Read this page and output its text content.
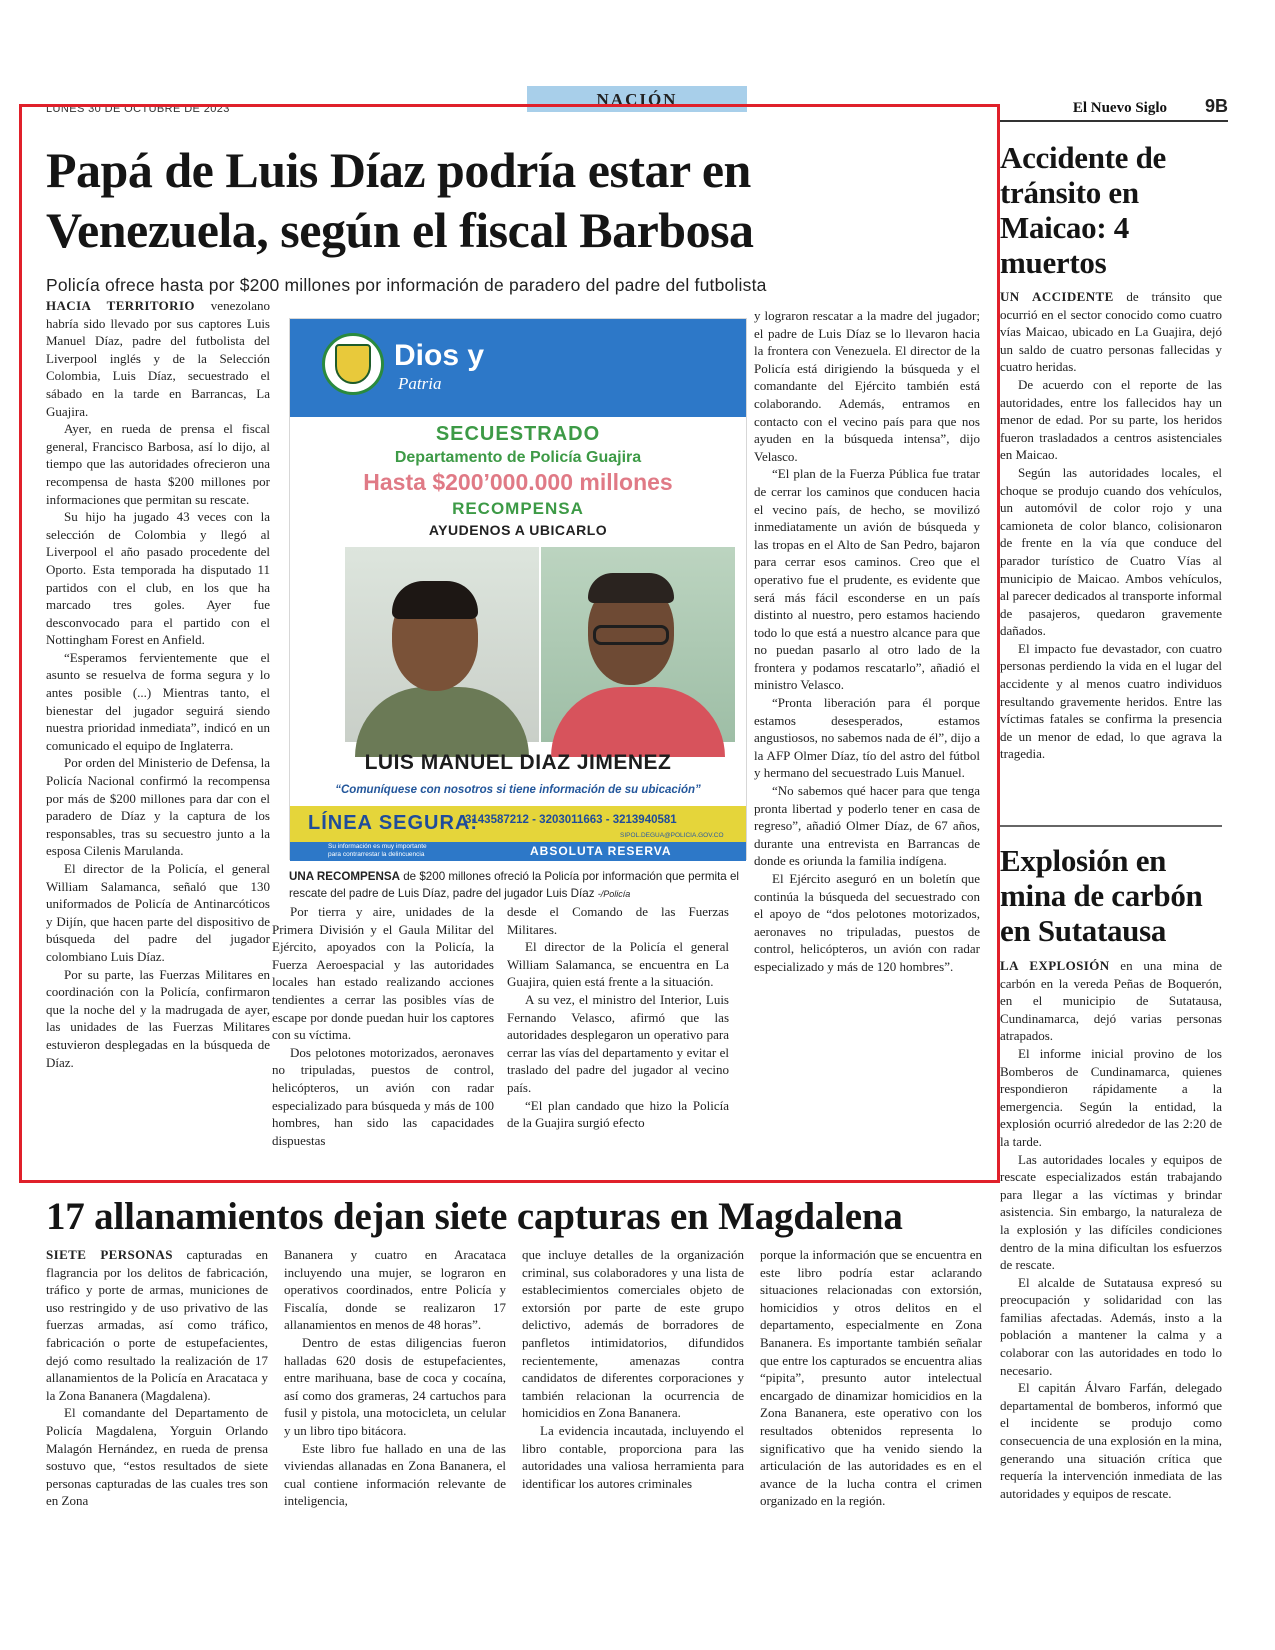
NACIÓN
LUNES 30 DE OCTUBRE DE 2023	El Nuevo Siglo 9B
Papá de Luis Díaz podría estar en Venezuela, según el fiscal Barbosa
Policía ofrece hasta por $200 millones por información de paradero del padre del futbolista

HACIA TERRITORIO venezolano habría sido llevado por sus captores Luis Manuel Díaz, padre del futbolista del Liverpool inglés y de la Selección Colombia, Luis Díaz, secuestrado el sábado en la tarde en Barrancas, La Guajira.

Ayer, en rueda de prensa el fiscal general, Francisco Barbosa, así lo dijo, al tiempo que las autoridades ofrecieron una recompensa de hasta $200 millones por informaciones que permitan su rescate.

Su hijo ha jugado 43 veces con la selección de Colombia y llegó al Liverpool el año pasado procedente del Oporto. Esta temporada ha disputado 11 partidos con el club, en los que ha marcado tres goles. Ayer fue desconvocado para el partido con el Nottingham Forest en Anfield.

“Esperamos fervientemente que el asunto se resuelva de forma segura y lo antes posible (...) Mientras tanto, el bienestar del jugador seguirá siendo nuestra prioridad inmediata”, indicó en un comunicado el equipo de Inglaterra.

Por orden del Ministerio de Defensa, la Policía Nacional confirmó la recompensa por más de $200 millones para dar con el paradero de Díaz y la captura de los responsables, tras su secuestro junto a la esposa Cilenis Marulanda.

El director de la Policía, el general William Salamanca, señaló que 130 uniformados de Policía de Antinarcóticos y Dijín, que hacen parte del dispositivo de búsqueda del padre del jugador colombiano Luis Díaz.

Por su parte, las Fuerzas Militares en coordinación con la Policía, confirmaron que la noche del y la madrugada de ayer, las unidades de las Fuerzas Militares estuvieron desplegadas en la búsqueda de Díaz.

Dios y
Patria
SECUESTRADO
Departamento de Policía Guajira
Hasta $200’000.000 millones
RECOMPENSA
AYUDENOS A UBICARLO
LUIS MANUEL DIAZ JIMENEZ
“Comuníquese con nosotros si tiene información de su ubicación”
LÍNEA SEGURA:
3143587212 - 3203011663 - 3213940581
SIPOL.DEGUA@POLICIA.GOV.CO
Su información es muy importante
para contrarrestar la delincuencia	ABSOLUTA RESERVA
UNA RECOMPENSA de $200 millones ofreció la Policía por información que permita el rescate del padre de Luis Díaz, padre del jugador Luis Díaz -/Policía

Por tierra y aire, unidades de la Primera División y el Gaula Militar del Ejército, apoyados con la Policía, la Fuerza Aeroespacial y las autoridades locales han estado realizando acciones tendientes a cerrar las posibles vías de escape por donde puedan huir los captores con su víctima.

Dos pelotones motorizados, aeronaves no tripuladas, puestos de control, helicópteros, un avión con radar especializado para búsqueda y más de 100 hombres, han sido las capacidades dispuestas

desde el Comando de las Fuerzas Militares.

El director de la Policía el general William Salamanca, se encuentra en La Guajira, quien está frente a la situación.

A su vez, el ministro del Interior, Luis Fernando Velasco, afirmó que las autoridades desplegaron un operativo para cerrar las vías del departamento y evitar el traslado del padre del jugador al vecino país.

“El plan candado que hizo la Policía de la Guajira surgió efecto

y lograron rescatar a la madre del jugador; el padre de Luis Díaz se lo llevaron hacia la frontera con Venezuela. El director de la Policía está dirigiendo la búsqueda y el comandante del Ejército también está colaborando. Además, entramos en contacto con el vecino país para que nos ayuden en la búsqueda intensa”, dijo Velasco.

“El plan de la Fuerza Pública fue tratar de cerrar los caminos que conducen hacia el vecino país, de hecho, se movilizó inmediatamente un avión de búsqueda y las tropas en el Alto de San Pedro, bajaron para cerrar esos caminos. Creo que el operativo fue el prudente, es evidente que será más fácil esconderse en un país distinto al nuestro, pero estamos haciendo todo lo que está a nuestro alcance para que no puedan pasarlo al otro lado de la frontera y podamos rescatarlo”, añadió el ministro Velasco.

“Pronta liberación para él porque estamos desesperados, estamos angustiosos, no sabemos nada de él”, dijo a la AFP Olmer Díaz, tío del astro del fútbol y hermano del secuestrado Luis Manuel.

“No sabemos qué hacer para que tenga pronta libertad y poderlo tener en casa de regreso”, añadió Olmer Díaz, de 67 años, durante una entrevista en Barrancas de donde es oriunda la familia indígena.

El Ejército aseguró en un boletín que continúa la búsqueda del secuestrado con el apoyo de “dos pelotones motorizados, aeronaves no tripuladas, puestos de control, helicópteros, un avión con radar especializado y más de 120 hombres”.

Accidente de tránsito en Maicao: 4 muertos

UN ACCIDENTE de tránsito que ocurrió en el sector conocido como cuatro vías Maicao, ubicado en La Guajira, dejó un saldo de cuatro personas fallecidas y cuatro heridas.

De acuerdo con el reporte de las autoridades, entre los fallecidos hay un menor de edad. Por su parte, los heridos fueron trasladados a centros asistenciales en Maicao.

Según las autoridades locales, el choque se produjo cuando dos vehículos, un automóvil de color rojo y una camioneta de color blanco, colisionaron de frente en la vía que conduce del parador turístico de Cuatro Vías al municipio de Maicao. Ambos vehículos, al parecer dedicados al transporte informal de pasajeros, quedaron gravemente dañados.

El impacto fue devastador, con cuatro personas perdiendo la vida en el lugar del accidente y al menos cuatro individuos resultando gravemente heridos. Entre las víctimas fatales se confirma la presencia de un menor de edad, lo que agrava la tragedia.

Explosión en mina de carbón en Sutatausa

LA EXPLOSIÓN en una mina de carbón en la vereda Peñas de Boquerón, en el municipio de Sutatausa, Cundinamarca, dejó varias personas atrapados.

El informe inicial provino de los Bomberos de Cundinamarca, quienes respondieron rápidamente a la emergencia. Según la entidad, la explosión ocurrió alrededor de las 2:20 de la tarde.

Las autoridades locales y equipos de rescate especializados están trabajando para llegar a las víctimas y brindar asistencia. Sin embargo, la naturaleza de la explosión y las difíciles condiciones dentro de la mina dificultan los esfuerzos de rescate.

El alcalde de Sutatausa expresó su preocupación y solidaridad con las familias afectadas. Además, insto a la población a mantener la calma y a colaborar con las autoridades en todo lo necesario.

El capitán Álvaro Farfán, delegado departamental de bomberos, informó que el incidente se produjo como consecuencia de una explosión en la mina, generando una situación crítica que requería la intervención inmediata de las autoridades y equipos de rescate.

17 allanamientos dejan siete capturas en Magdalena

SIETE PERSONAS capturadas en flagrancia por los delitos de fabricación, tráfico y porte de armas, municiones de uso restringido y de uso privativo de las fuerzas armadas, así como tráfico, fabricación o porte de estupefacientes, dejó como resultado la realización de 17 allanamientos de la Policía en Aracataca y la Zona Bananera (Magdalena).

El comandante del Departamento de Policía Magdalena, Yorguin Orlando Malagón Hernández, en rueda de prensa sostuvo que, “estos resultados de siete personas capturadas de las cuales tres son en Zona

Bananera y cuatro en Aracataca incluyendo una mujer, se lograron en operativos coordinados, entre Policía y Fiscalía, donde se realizaron 17 allanamientos en menos de 48 horas”.

Dentro de estas diligencias fueron halladas 620 dosis de estupefacientes, entre marihuana, base de coca y cocaína, así como dos grameras, 24 cartuchos para fusil y pistola, una motocicleta, un celular y un libro tipo bitácora.

Este libro fue hallado en una de las viviendas allanadas en Zona Bananera, el cual contiene información relevante de inteligencia,

que incluye detalles de la organización criminal, sus colaboradores y una lista de establecimientos comerciales objeto de extorsión por parte de este grupo delictivo, además de borradores de panfletos intimidatorios, difundidos recientemente, amenazas contra candidatos de diferentes corporaciones y también relacionan la ocurrencia de homicidios en Zona Bananera.

La evidencia incautada, incluyendo el libro contable, proporciona para las autoridades una valiosa herramienta para identificar los autores criminales

porque la información que se encuentra en este libro podría estar aclarando situaciones relacionadas con extorsión, homicidios y otros delitos en el departamento, especialmente en Zona Bananera. Es importante también señalar que entre los capturados se encuentra alias “pipita”, presunto autor intelectual encargado de dinamizar homicidios en la Zona Bananera, este operativo con los resultados obtenidos representa lo significativo que ha venido siendo la articulación de las autoridades es en el avance de la lucha contra el crimen organizado en la región.
